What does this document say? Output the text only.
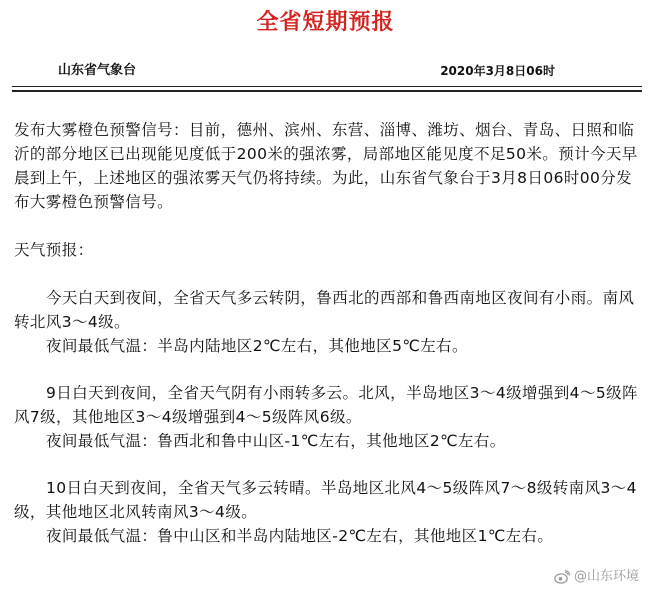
全省短期预报
山东省气象台	2020年3月8日06时

发布大雾橙色预警信号：目前，德州、滨州、东营、淄博、潍坊、烟台、青岛、日照和临沂的部分地区已出现能见度低于200米的强浓雾，局部地区能见度不足50米。预计今天早晨到上午，上述地区的强浓雾天气仍将持续。为此，山东省气象台于3月8日06时00分发布大雾橙色预警信号。

天气预报：

今天白天到夜间，全省天气多云转阴，鲁西北的西部和鲁西南地区夜间有小雨。南风转北风3～4级。

夜间最低气温：半岛内陆地区2℃左右，其他地区5℃左右。

9日白天到夜间，全省天气阴有小雨转多云。北风，半岛地区3～4级增强到4～5级阵风7级，其他地区3～4级增强到4～5级阵风6级。

夜间最低气温：鲁西北和鲁中山区-1℃左右，其他地区2℃左右。

10日白天到夜间，全省天气多云转晴。半岛地区北风4～5级阵风7～8级转南风3～4级，其他地区北风转南风3～4级。

夜间最低气温：鲁中山区和半岛内陆地区-2℃左右，其他地区1℃左右。

@山东环境
